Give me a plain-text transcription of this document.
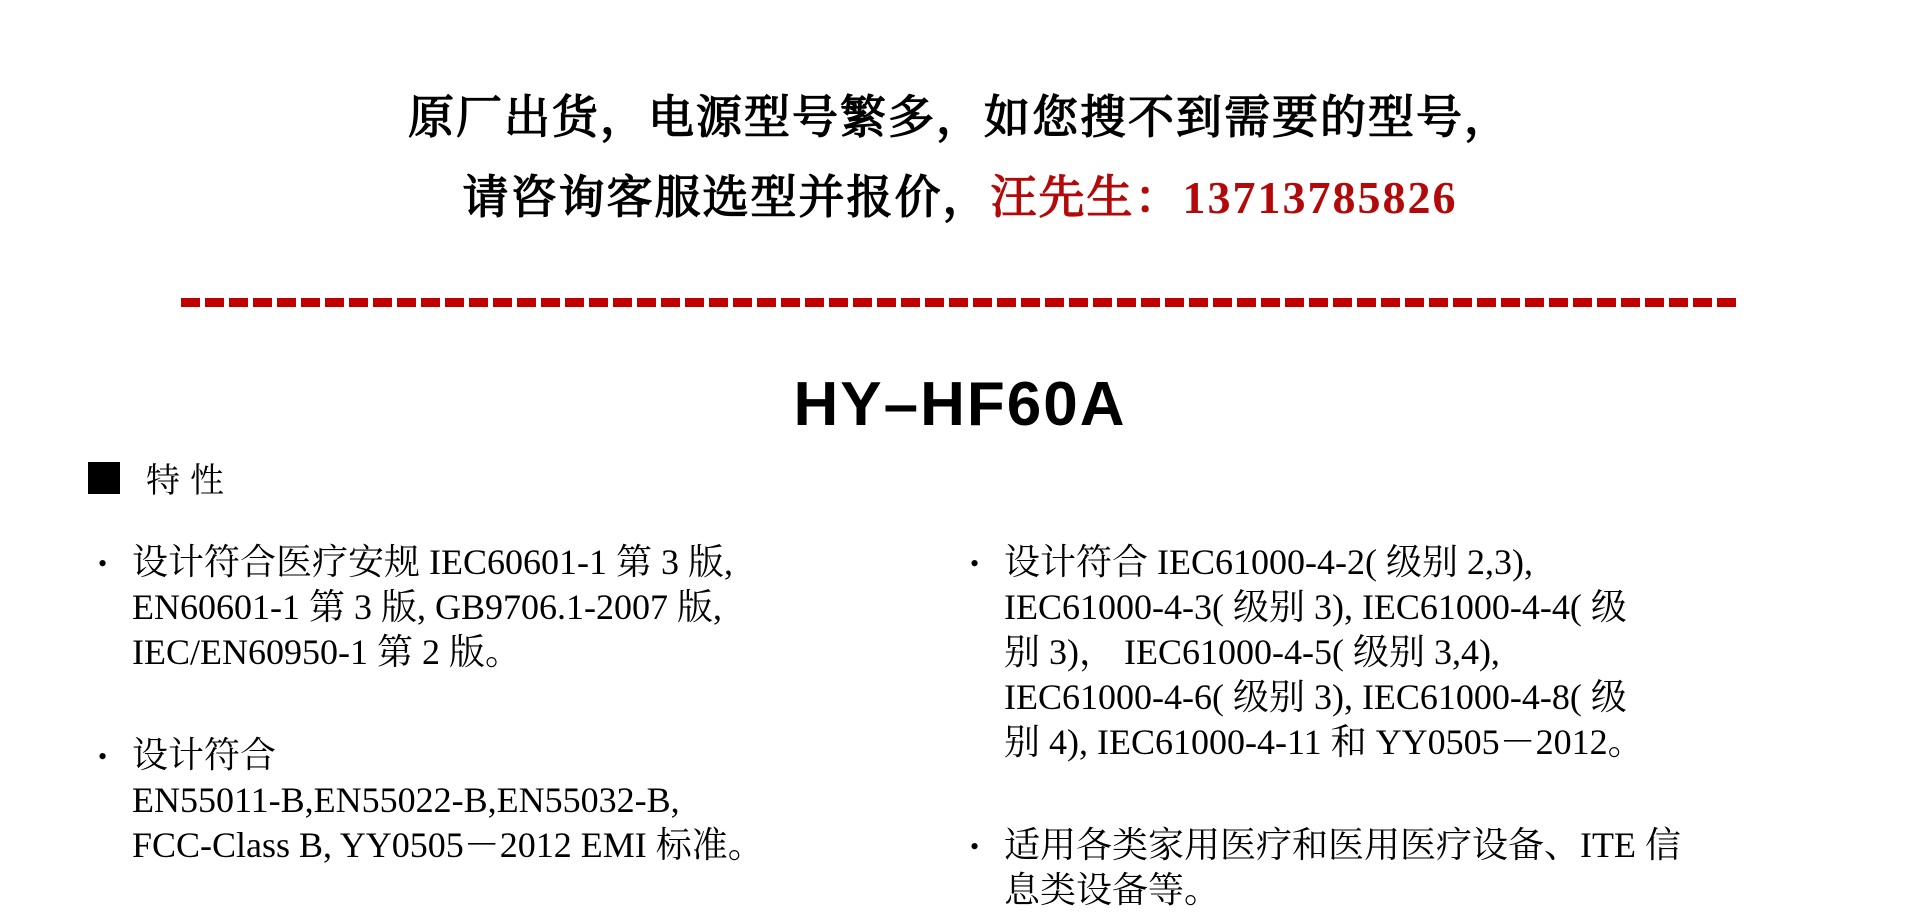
原厂出货，电源型号繁多，如您搜不到需要的型号，
请咨询客服选型并报价，汪先生：13713785826
HY–HF60A
特性
• 设计符合医疗安规 IEC60601-1 第 3 版,
EN60601-1 第 3 版, GB9706.1-2007 版,
IEC/EN60950-1 第 2 版。
• 设计符合
EN55011-B,EN55022-B,EN55032-B,
FCC-Class B, YY0505－2012 EMI 标准。
• 设计符合 IEC61000-4-2( 级别 2,3),
IEC61000-4-3( 级别 3), IEC61000-4-4( 级
别 3)， IEC61000-4-5( 级别 3,4),
IEC61000-4-6( 级别 3), IEC61000-4-8( 级
别 4), IEC61000-4-11 和 YY0505－2012。
• 适用各类家用医疗和医用医疗设备、ITE 信
息类设备等。
